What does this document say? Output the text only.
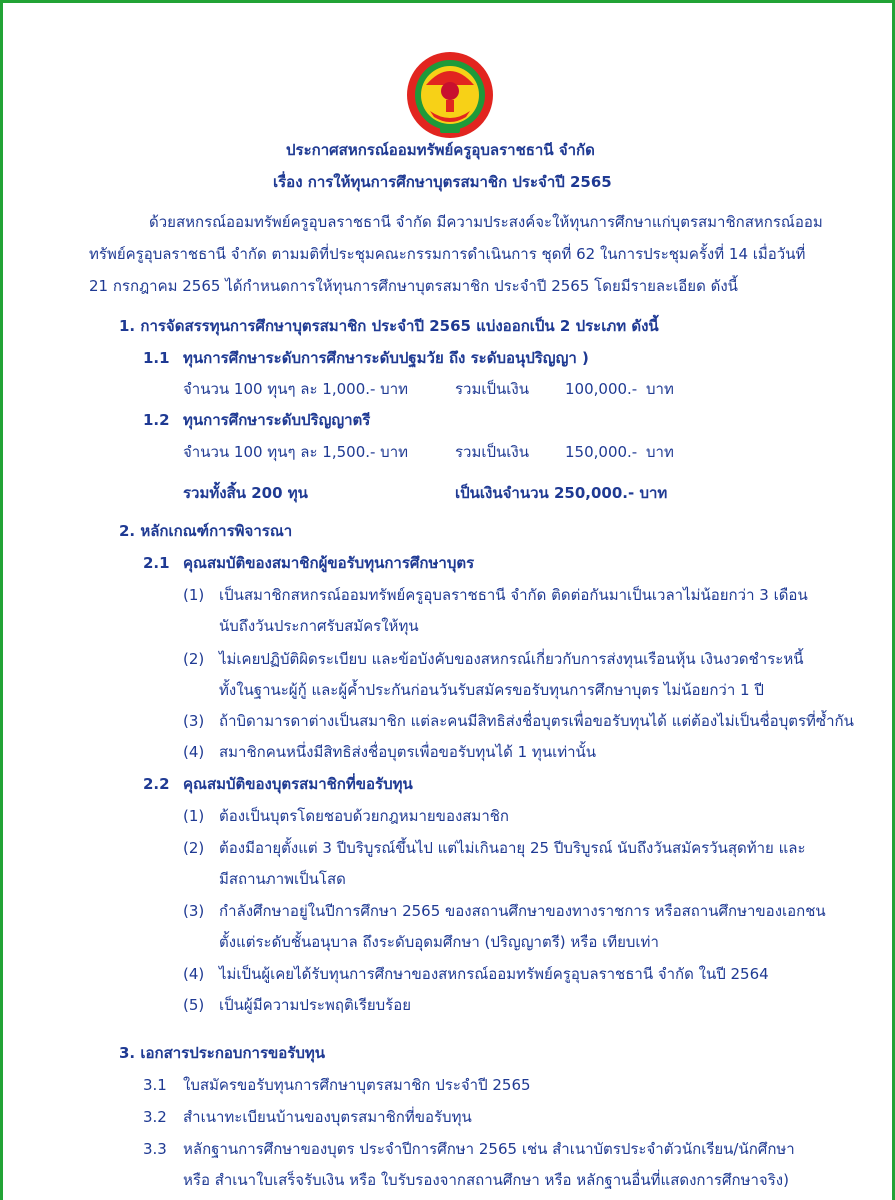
ประกาศสหกรณ์ออมทรัพย์ครูอุบลราชธานี จำกัด
เรื่อง การให้ทุนการศึกษาบุตรสมาชิก ประจำปี 2565
ด้วยสหกรณ์ออมทรัพย์ครูอุบลราชธานี จำกัด มีความประสงค์จะให้ทุนการศึกษาแก่บุตรสมาชิกสหกรณ์ออม
ทรัพย์ครูอุบลราชธานี จำกัด ตามมติที่ประชุมคณะกรรมการดำเนินการ ชุดที่ 62 ในการประชุมครั้งที่ 14 เมื่อวันที่
21 กรกฎาคม 2565 ได้กำหนดการให้ทุนการศึกษาบุตรสมาชิก ประจำปี 2565 โดยมีรายละเอียด ดังนี้
1. การจัดสรรทุนการศึกษาบุตรสมาชิก ประจำปี 2565 แบ่งออกเป็น 2 ประเภท ดังนี้
1.1 ทุนการศึกษาระดับการศึกษาระดับปฐมวัย ถึง ระดับอนุปริญญา )
จำนวน 100 ทุนๆ ละ 1,000.- บาท	รวมเป็นเงิน 100,000.- บาท
1.2 ทุนการศึกษาระดับปริญญาตรี
จำนวน 100 ทุนๆ ละ 1,500.- บาท	รวมเป็นเงิน 150,000.- บาท
รวมทั้งสิ้น 200 ทุน	เป็นเงินจำนวน 250,000.- บาท
2. หลักเกณฑ์การพิจารณา
2.1 คุณสมบัติของสมาชิกผู้ขอรับทุนการศึกษาบุตร
(1) เป็นสมาชิกสหกรณ์ออมทรัพย์ครูอุบลราชธานี จำกัด ติดต่อกันมาเป็นเวลาไม่น้อยกว่า 3 เดือน
นับถึงวันประกาศรับสมัครให้ทุน
(2) ไม่เคยปฏิบัติผิดระเบียบ และข้อบังคับของสหกรณ์เกี่ยวกับการส่งทุนเรือนหุ้น เงินงวดชำระหนี้
ทั้งในฐานะผู้กู้ และผู้ค้ำประกันก่อนวันรับสมัครขอรับทุนการศึกษาบุตร ไม่น้อยกว่า 1 ปี
(3) ถ้าบิดามารดาต่างเป็นสมาชิก แต่ละคนมีสิทธิส่งชื่อบุตรเพื่อขอรับทุนได้ แต่ต้องไม่เป็นชื่อบุตรที่ซ้ำกัน
(4) สมาชิกคนหนึ่งมีสิทธิส่งชื่อบุตรเพื่อขอรับทุนได้ 1 ทุนเท่านั้น
2.2 คุณสมบัติของบุตรสมาชิกที่ขอรับทุน
(1) ต้องเป็นบุตรโดยชอบด้วยกฎหมายของสมาชิก
(2) ต้องมีอายุตั้งแต่ 3 ปีบริบูรณ์ขึ้นไป แต่ไม่เกินอายุ 25 ปีบริบูรณ์ นับถึงวันสมัครวันสุดท้าย และ
มีสถานภาพเป็นโสด
(3) กำลังศึกษาอยู่ในปีการศึกษา 2565 ของสถานศึกษาของทางราชการ หรือสถานศึกษาของเอกชน
ตั้งแต่ระดับชั้นอนุบาล ถึงระดับอุดมศึกษา (ปริญญาตรี) หรือ เทียบเท่า
(4) ไม่เป็นผู้เคยได้รับทุนการศึกษาของสหกรณ์ออมทรัพย์ครูอุบลราชธานี จำกัด ในปี 2564
(5) เป็นผู้มีความประพฤติเรียบร้อย
3. เอกสารประกอบการขอรับทุน
3.1 ใบสมัครขอรับทุนการศึกษาบุตรสมาชิก ประจำปี 2565
3.2 สำเนาทะเบียนบ้านของบุตรสมาชิกที่ขอรับทุน
3.3 หลักฐานการศึกษาของบุตร ประจำปีการศึกษา 2565 เช่น สำเนาบัตรประจำตัวนักเรียน/นักศึกษา
หรือ สำเนาใบเสร็จรับเงิน หรือ ใบรับรองจากสถานศึกษา หรือ หลักฐานอื่นที่แสดงการศึกษาจริง)
